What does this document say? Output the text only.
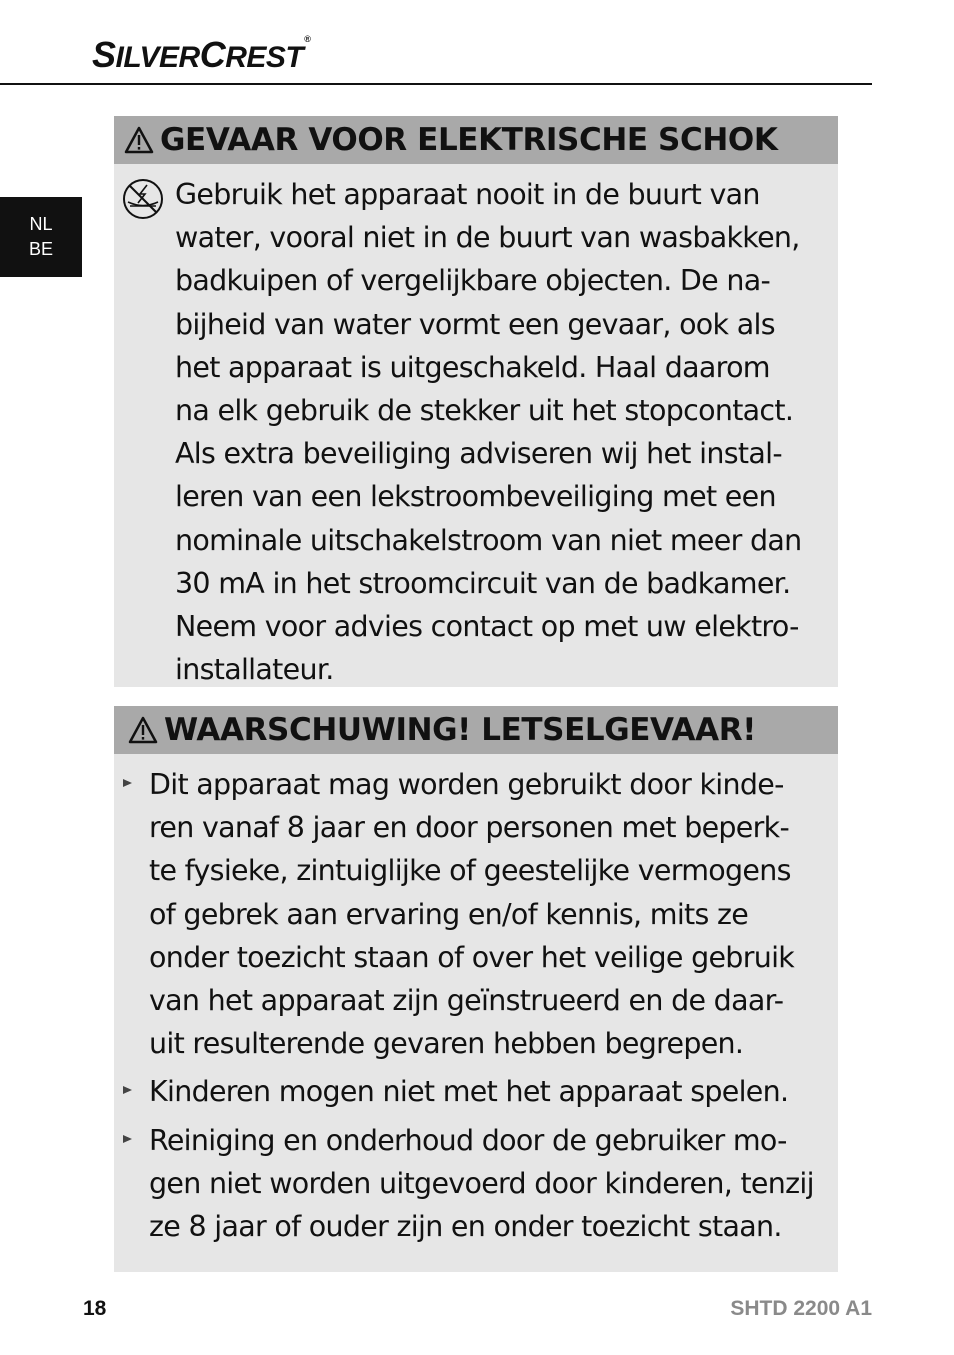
SILVERCREST®
NL
BE
GEVAAR VOOR ELEKTRISCHE SCHOK
Gebruik het apparaat nooit in de buurt van
water, vooral niet in de buurt van wasbakken,
badkuipen of vergelijkbare objecten. De na-
bijheid van water vormt een gevaar, ook als
het apparaat is uitgeschakeld. Haal daarom
na elk gebruik de stekker uit het stopcontact.
Als extra beveiliging adviseren wij het instal-
leren van een lekstroombeveiliging met een
nominale uitschakelstroom van niet meer dan
30 mA in het stroomcircuit van de badkamer.
Neem voor advies contact op met uw elektro-
installateur.
WAARSCHUWING! LETSELGEVAAR!
Dit apparaat mag worden gebruikt door kinde-
ren vanaf 8 jaar en door personen met beperk-
te fysieke, zintuiglijke of geestelijke vermogens
of gebrek aan ervaring en/of kennis, mits ze
onder toezicht staan of over het veilige gebruik
van het apparaat zijn geïnstrueerd en de daar-
uit resulterende gevaren hebben begrepen.
Kinderen mogen niet met het apparaat spelen.
Reiniging en onderhoud door de gebruiker mo-
gen niet worden uitgevoerd door kinderen, tenzij
ze 8 jaar of ouder zijn en onder toezicht staan.
18	SHTD 2200 A1
